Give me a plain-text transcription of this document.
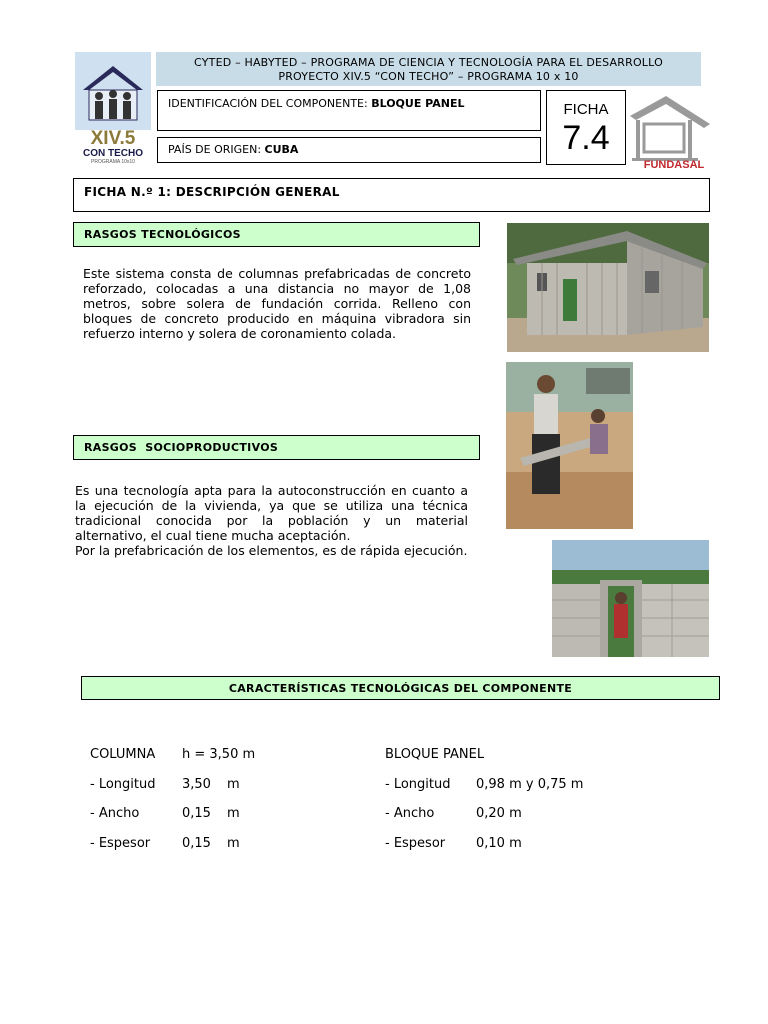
XIV.5
CON TECHO
PROGRAMA 10x10
CYTED – HABYTED – PROGRAMA DE CIENCIA Y TECNOLOGÍA PARA EL DESARROLLO
PROYECTO XIV.5 “CON TECHO” – PROGRAMA 10 x 10
IDENTIFICACIÓN DEL COMPONENTE: BLOQUE PANEL
PAÍS DE ORIGEN: CUBA
FICHA
7.4
FUNDASAL
FICHA N.º 1: DESCRIPCIÓN GENERAL
RASGOS TECNOLÓGICOS
Este sistema consta de columnas prefabricadas de concreto reforzado, colocadas a una distancia no mayor de 1,08 metros, sobre solera de fundación corrida. Relleno con bloques de concreto producido en máquina vibradora sin refuerzo interno y solera de coronamiento colada.
RASGOS  SOCIOPRODUCTIVOS

Es una tecnología apta para la autoconstrucción en cuanto a la ejecución de la vivienda, ya que se utiliza una técnica tradicional conocida por la población y un material alternativo, el cual tiene mucha aceptación.

Por la prefabricación de los elementos, es de rápida ejecución.

CARACTERÍSTICAS TECNOLÓGICAS DEL COMPONENTE
COLUMNA h = 3,50 m
- Longitud 3,50 m
- Ancho	0,15 m
- Espesor 0,15 m
BLOQUE PANEL
- Longitud 0,98 m y 0,75 m
- Ancho	0,20 m
- Espesor 0,10 m
